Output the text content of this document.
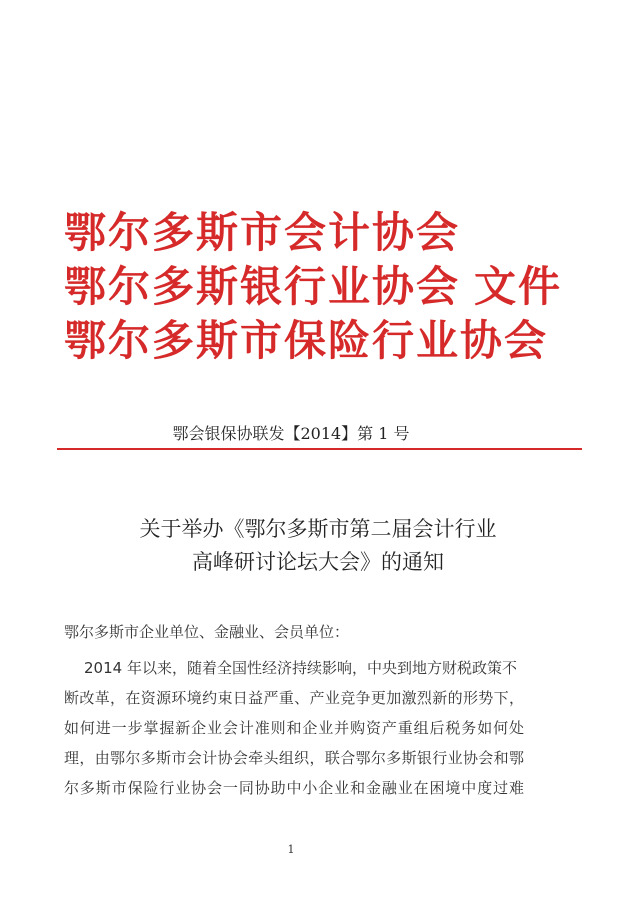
鄂尔多斯市会计协会
鄂尔多斯银行业协会 文件
鄂尔多斯市保险行业协会
鄂会银保协联发【2014】第 1 号
关于举办《鄂尔多斯市第二届会计行业
高峰研讨论坛大会》的通知
鄂尔多斯市企业单位、金融业、会员单位：
2014 年以来，随着全国性经济持续影响，中央到地方财税政策不
断改革，在资源环境约束日益严重、产业竞争更加激烈新的形势下，
如何进一步掌握新企业会计准则和企业并购资产重组后税务如何处
理，由鄂尔多斯市会计协会牵头组织，联合鄂尔多斯银行业协会和鄂
尔多斯市保险行业协会一同协助中小企业和金融业在困境中度过难
1
